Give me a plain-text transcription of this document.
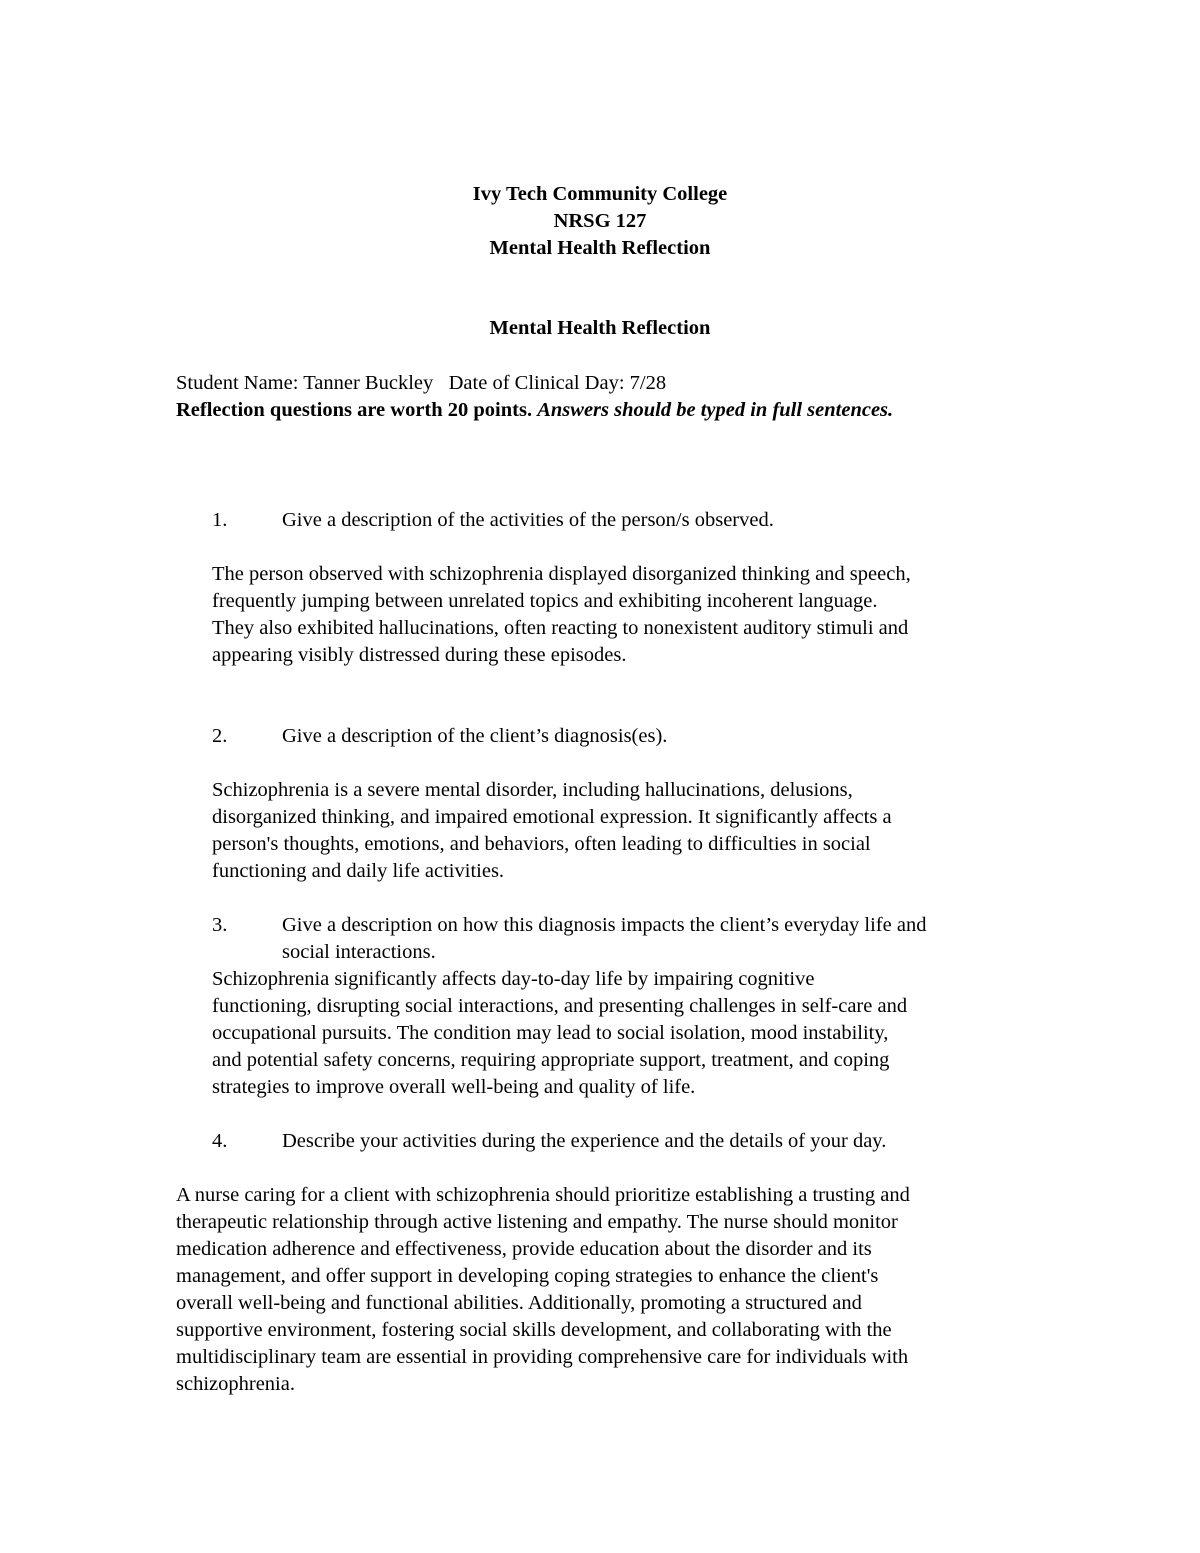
Ivy Tech Community College
NRSG 127
Mental Health Reflection
Mental Health Reflection
Student Name: Tanner Buckley Date of Clinical Day: 7/28
Reflection questions are worth 20 points. Answers should be typed in full sentences.
1.	Give a description of the activities of the person/s observed.
The person observed with schizophrenia displayed disorganized thinking and speech,
frequently jumping between unrelated topics and exhibiting incoherent language.
They also exhibited hallucinations, often reacting to nonexistent auditory stimuli and
appearing visibly distressed during these episodes.
2.	Give a description of the client’s diagnosis(es).
Schizophrenia is a severe mental disorder, including hallucinations, delusions,
disorganized thinking, and impaired emotional expression. It significantly affects a
person's thoughts, emotions, and behaviors, often leading to difficulties in social
functioning and daily life activities.
3.	Give a description on how this diagnosis impacts the client’s everyday life and
social interactions.
Schizophrenia significantly affects day-to-day life by impairing cognitive
functioning, disrupting social interactions, and presenting challenges in self-care and
occupational pursuits. The condition may lead to social isolation, mood instability,
and potential safety concerns, requiring appropriate support, treatment, and coping
strategies to improve overall well-being and quality of life.
4.	Describe your activities during the experience and the details of your day.
A nurse caring for a client with schizophrenia should prioritize establishing a trusting and
therapeutic relationship through active listening and empathy. The nurse should monitor
medication adherence and effectiveness, provide education about the disorder and its
management, and offer support in developing coping strategies to enhance the client's
overall well-being and functional abilities. Additionally, promoting a structured and
supportive environment, fostering social skills development, and collaborating with the
multidisciplinary team are essential in providing comprehensive care for individuals with
schizophrenia.
